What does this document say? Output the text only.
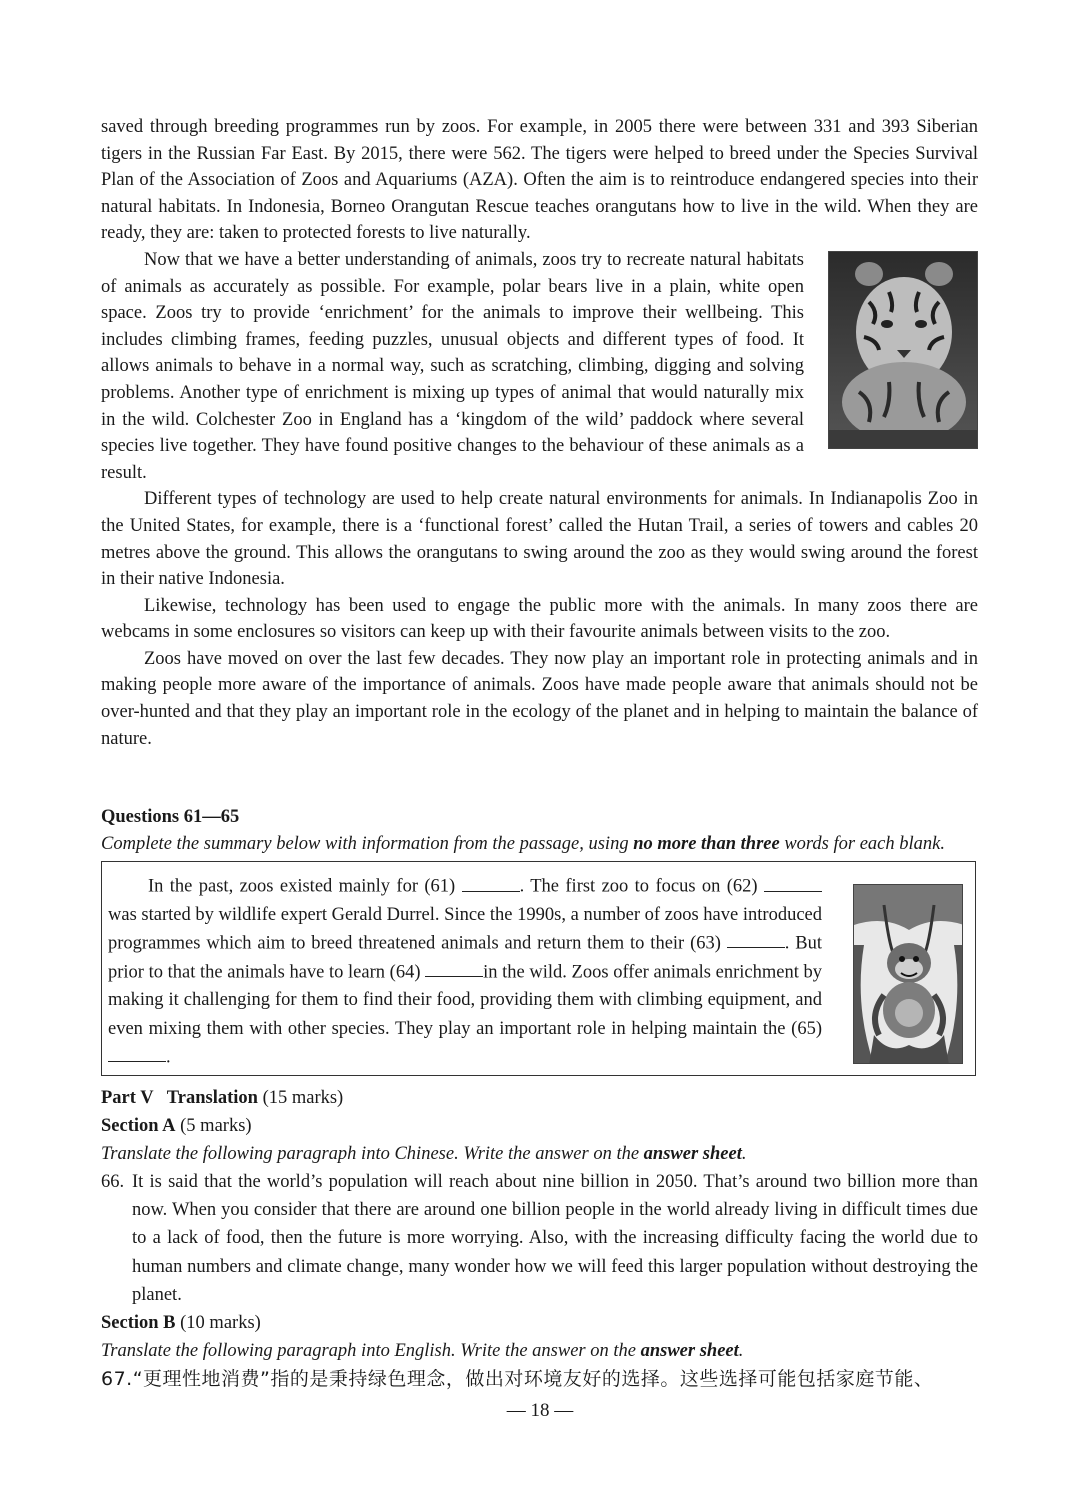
saved through breeding programmes run by zoos. For example, in 2005 there were between 331 and 393 Siberian tigers in the Russian Far East. By 2015, there were 562. The tigers were helped to breed under the Species Survival Plan of the Association of Zoos and Aquariums (AZA). Often the aim is to reintroduce endangered species into their natural habitats. In Indonesia, Borneo Orangutan Rescue teaches orangutans how to live in the wild. When they are ready, they are: taken to protected forests to live naturally.

Now that we have a better understanding of animals, zoos try to recreate natural habitats of animals as accurately as possible. For example, polar bears live in a plain, white open space. Zoos try to provide ‘enrichment’ for the animals to improve their wellbeing. This includes climbing frames, feeding puzzles, unusual objects and different types of food. It allows animals to behave in a normal way, such as scratching, climbing, digging and solving problems. Another type of enrichment is mixing up types of animal that would naturally mix in the wild. Colchester Zoo in England has a ‘kingdom of the wild’ paddock where several species live together. They have found positive changes to the behaviour of these animals as a result.

Different types of technology are used to help create natural environments for animals. In Indianapolis Zoo in the United States, for example, there is a ‘functional forest’ called the Hutan Trail, a series of towers and cables 20 metres above the ground. This allows the orangutans to swing around the zoo as they would swing around the forest in their native Indonesia.

Likewise, technology has been used to engage the public more with the animals. In many zoos there are webcams in some enclosures so visitors can keep up with their favourite animals between visits to the zoo.

Zoos have moved on over the last few decades. They now play an important role in protecting animals and in making people more aware of the importance of animals. Zoos have made people aware that animals should not be over-hunted and that they play an important role in the ecology of the planet and in helping to maintain the balance of nature.

Questions 61—65

Complete the summary below with information from the passage, using no more than three words for each blank.

In the past, zoos existed mainly for (61)	. The first zoo to focus on (62) was started by wildlife expert Gerald Durrel. Since the 1990s, a number of zoos have introduced programmes which aim to breed threatened animals and return them to their (63)	. But prior to that the animals have to learn (64)	in the wild. Zoos offer animals enrichment by making it challenging for them to find their food, providing them with climbing equipment, and even mixing them with other species. They play an important role in helping maintain the (65) .

Part V   Translation (15 marks)

Section A (5 marks)

Translate the following paragraph into Chinese. Write the answer on the answer sheet.

66. It is said that the world’s population will reach about nine billion in 2050. That’s around two billion more than now. When you consider that there are around one billion people in the world already living in difficult times due to a lack of food, then the future is more worrying. Also, with the increasing difficulty facing the world due to human numbers and climate change, many wonder how we will feed this larger population without destroying the planet.

Section B (10 marks)

Translate the following paragraph into English. Write the answer on the answer sheet.

67.“更理性地消费”指的是秉持绿色理念，做出对环境友好的选择。这些选择可能包括家庭节能、

— 18 —
